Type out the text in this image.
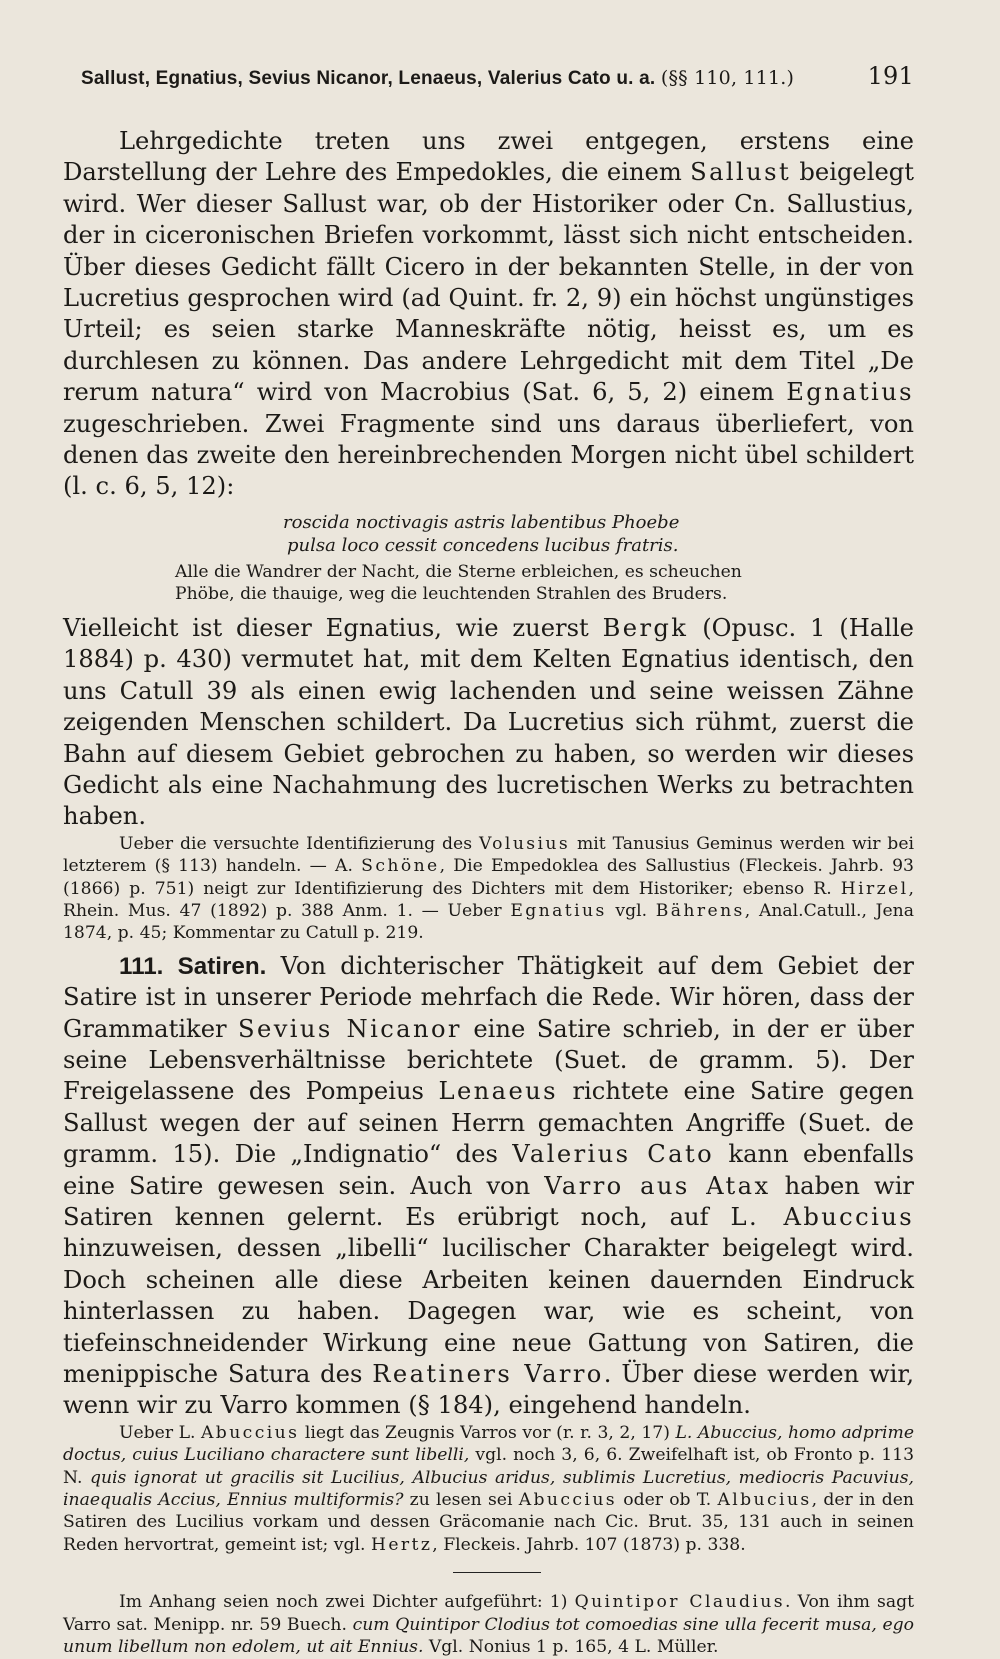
Sallust, Egnatius, Sevius Nicanor, Lenaeus, Valerius Cato u. a. (§§ 110, 111.)	191

Lehrgedichte treten uns zwei entgegen, erstens eine Darstellung der Lehre des Empedokles, die einem Sallust beigelegt wird. Wer dieser Sallust war, ob der Historiker oder Cn. Sallustius, der in ciceronischen Briefen vorkommt, lässt sich nicht entscheiden. Über dieses Gedicht fällt Cicero in der bekannten Stelle, in der von Lucretius gesprochen wird (ad Quint. fr. 2, 9) ein höchst ungünstiges Urteil; es seien starke Manneskräfte nötig, heisst es, um es durchlesen zu können. Das andere Lehrgedicht mit dem Titel „De rerum natura“ wird von Macrobius (Sat. 6, 5, 2) einem Egnatius zugeschrieben. Zwei Fragmente sind uns daraus überliefert, von denen das zweite den hereinbrechenden Morgen nicht übel schildert (l. c. 6, 5, 12):

roscida noctivagis astris labentibus Phoebe
pulsa loco cessit concedens lucibus fratris.
Alle die Wandrer der Nacht, die Sterne erbleichen, es scheuchen
Phöbe, die thauige, weg die leuchtenden Strahlen des Bruders.

Vielleicht ist dieser Egnatius, wie zuerst Bergk (Opusc. 1 (Halle 1884) p. 430) vermutet hat, mit dem Kelten Egnatius identisch, den uns Catull 39 als einen ewig lachenden und seine weissen Zähne zeigenden Menschen schildert. Da Lucretius sich rühmt, zuerst die Bahn auf diesem Gebiet gebrochen zu haben, so werden wir dieses Gedicht als eine Nachahmung des lucretischen Werks zu betrachten haben.

Ueber die versuchte Identifizierung des Volusius mit Tanusius Geminus werden wir bei letzterem (§ 113) handeln. — A. Schöne, Die Empedoklea des Sallustius (Fleckeis. Jahrb. 93 (1866) p. 751) neigt zur Identifizierung des Dichters mit dem Historiker; ebenso R. Hirzel, Rhein. Mus. 47 (1892) p. 388 Anm. 1. — Ueber Egnatius vgl. Bährens, Anal.Catull., Jena 1874, p. 45; Kommentar zu Catull p. 219.

111. Satiren. Von dichterischer Thätigkeit auf dem Gebiet der Satire ist in unserer Periode mehrfach die Rede. Wir hören, dass der Grammatiker Sevius Nicanor eine Satire schrieb, in der er über seine Lebensverhältnisse berichtete (Suet. de gramm. 5). Der Freigelassene des Pompeius Lenaeus richtete eine Satire gegen Sallust wegen der auf seinen Herrn gemachten Angriffe (Suet. de gramm. 15). Die „Indignatio“ des Valerius Cato kann ebenfalls eine Satire gewesen sein. Auch von Varro aus Atax haben wir Satiren kennen gelernt. Es erübrigt noch, auf L. Abuccius hinzuweisen, dessen „libelli“ lucilischer Charakter beigelegt wird. Doch scheinen alle diese Arbeiten keinen dauernden Eindruck hinterlassen zu haben. Dagegen war, wie es scheint, von tiefeinschneidender Wirkung eine neue Gattung von Satiren, die menippische Satura des Reatiners Varro. Über diese werden wir, wenn wir zu Varro kommen (§ 184), eingehend handeln.

Ueber L. Abuccius liegt das Zeugnis Varros vor (r. r. 3, 2, 17) L. Abuccius, homo adprime doctus, cuius Luciliano charactere sunt libelli, vgl. noch 3, 6, 6. Zweifelhaft ist, ob Fronto p. 113 N. quis ignorat ut gracilis sit Lucilius, Albucius aridus, sublimis Lucretius, mediocris Pacuvius, inaequalis Accius, Ennius multiformis? zu lesen sei Abuccius oder ob T. Albucius, der in den Satiren des Lucilius vorkam und dessen Gräcomanie nach Cic. Brut. 35, 131 auch in seinen Reden hervortrat, gemeint ist; vgl. Hertz, Fleckeis. Jahrb. 107 (1873) p. 338.

Im Anhang seien noch zwei Dichter aufgeführt: 1) Quintipor Claudius. Von ihm sagt Varro sat. Menipp. nr. 59 Buech. cum Quintipor Clodius tot comoedias sine ulla fecerit musa, ego unum libellum non edolem, ut ait Ennius. Vgl. Nonius 1 p. 165, 4 L. Müller.
